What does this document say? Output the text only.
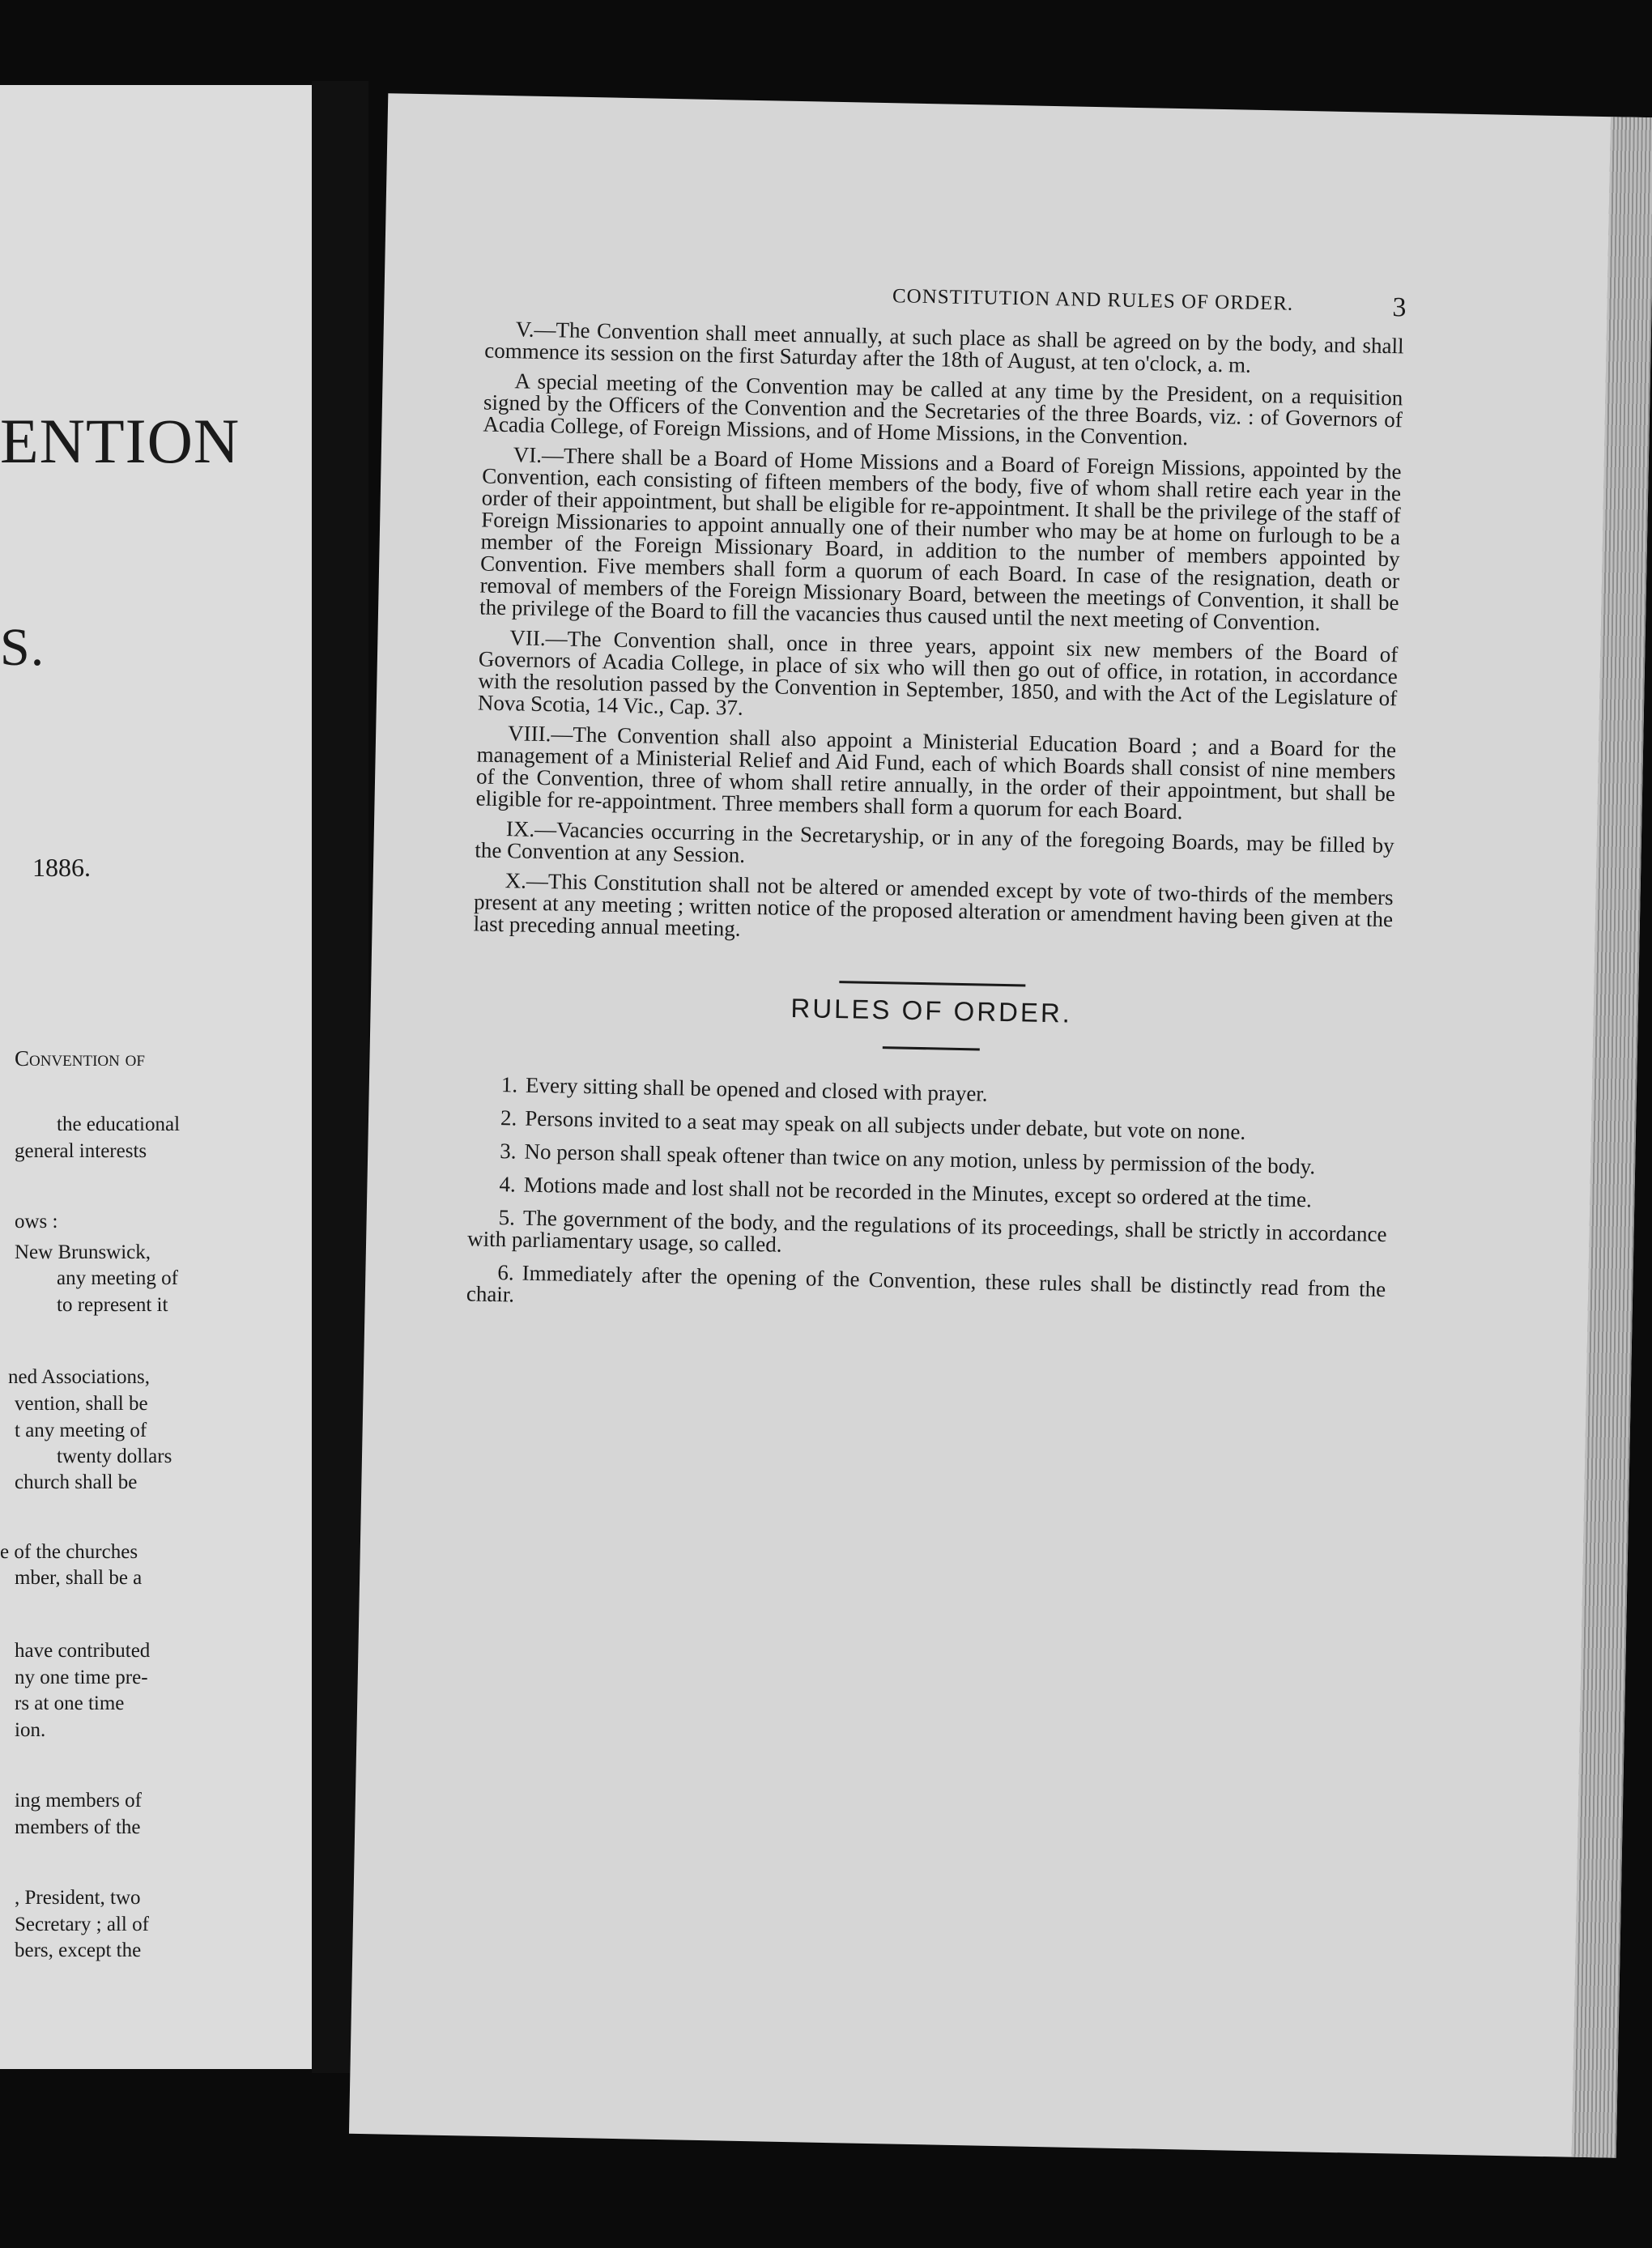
ENTION
S.
1886.
Convention of
the educational
general interests
ows :
New Brunswick,
any meeting of
to represent it
ned Associations,
vention, shall be
t any meeting of
twenty dollars
church shall be
e of the churches
mber, shall be a
have contributed
ny one time pre-
rs at one time
ion.
ing members of
members of the
, President, two
Secretary ; all of
bers, except the
CONSTITUTION AND RULES OF ORDER.	3

V.—The Convention shall meet annually, at such place as shall be agreed on by the body, and shall commence its session on the first Saturday after the 18th of August, at ten o'clock, a. m.

A special meeting of the Convention may be called at any time by the President, on a requisition signed by the Officers of the Convention and the Secretaries of the three Boards, viz. : of Governors of Acadia College, of Foreign Missions, and of Home Missions, in the Convention.

VI.—There shall be a Board of Home Missions and a Board of Foreign Missions, appointed by the Convention, each consisting of fifteen members of the body, five of whom shall retire each year in the order of their appointment, but shall be eligible for re-appointment. It shall be the privilege of the staff of Foreign Missionaries to appoint annually one of their number who may be at home on furlough to be a member of the Foreign Missionary Board, in addition to the number of members appointed by Convention. Five members shall form a quorum of each Board. In case of the resignation, death or removal of members of the Foreign Missionary Board, between the meetings of Convention, it shall be the privilege of the Board to fill the vacancies thus caused until the next meeting of Convention.

VII.—The Convention shall, once in three years, appoint six new members of the Board of Governors of Acadia College, in place of six who will then go out of office, in rotation, in accordance with the resolution passed by the Convention in September, 1850, and with the Act of the Legislature of Nova Scotia, 14 Vic., Cap. 37.

VIII.—The Convention shall also appoint a Ministerial Education Board ; and a Board for the management of a Ministerial Relief and Aid Fund, each of which Boards shall consist of nine members of the Convention, three of whom shall retire annually, in the order of their appointment, but shall be eligible for re-appointment. Three members shall form a quorum for each Board.

IX.—Vacancies occurring in the Secretaryship, or in any of the foregoing Boards, may be filled by the Convention at any Session.

X.—This Constitution shall not be altered or amended except by vote of two-thirds of the members present at any meeting ; written notice of the proposed alteration or amendment having been given at the last preceding annual meeting.

RULES OF ORDER.

1. Every sitting shall be opened and closed with prayer.

2. Persons invited to a seat may speak on all subjects under debate, but vote on none.

3. No person shall speak oftener than twice on any motion, unless by permission of the body.

4. Motions made and lost shall not be recorded in the Minutes, except so ordered at the time.

5. The government of the body, and the regulations of its proceedings, shall be strictly in accordance with parliamentary usage, so called.

6. Immediately after the opening of the Convention, these rules shall be distinctly read from the chair.
